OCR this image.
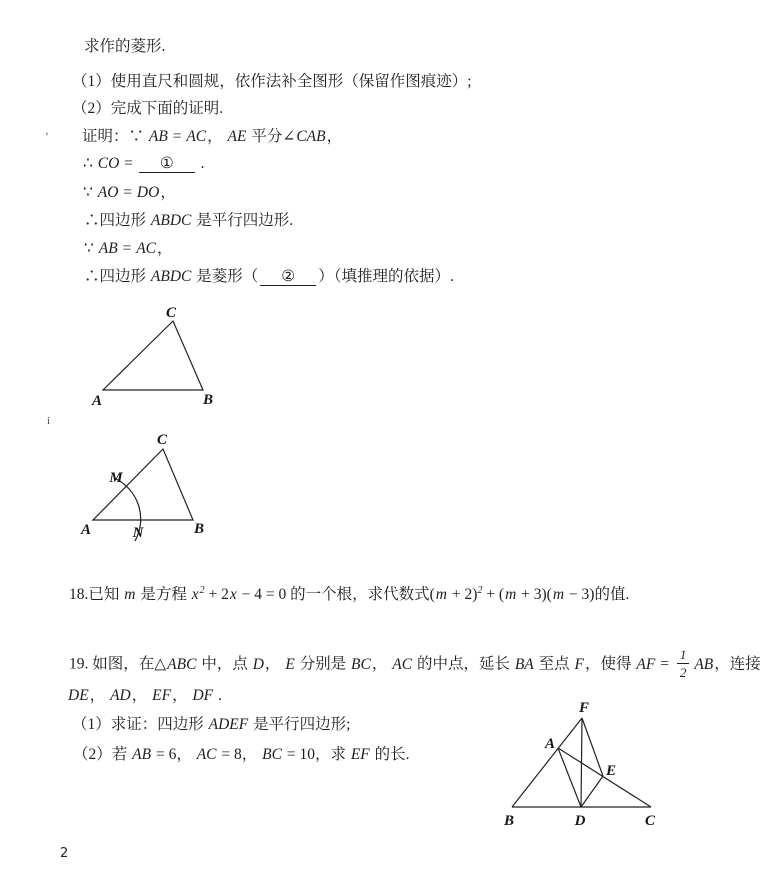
求作的菱形.
（1）使用直尺和圆规，依作法补全图形（保留作图痕迹）;
（2）完成下面的证明.
证明：∵ AB = AC， AE 平分∠CAB，
∴ CO = ① .
∵ AO = DO，
∴四边形 ABDC 是平行四边形.
∵ AB = AC，
∴四边形 ABDC 是菱形（ ② ）（填推理的依据）.
18.已知 m 是方程 $x^2 + 2x - 4 = 0$ 的一个根，求代数式$(m + 2)^2 + (m + 3)(m - 3)$的值.
19. 如图，在△ABC 中，点 D， E 分别是 BC， AC 的中点，延长 BA 至点 F，使得 AF = $\frac{1}{2}$ AB，连接
DE， AD， EF， DF .
（1）求证：四边形 ADEF 是平行四边形;
（2）若 AB = 6， AC = 8， BC = 10，求 EF 的长.
C
A	B
C
A	B
M
N
F
A
E
B	D	C
2
ʼ
i
